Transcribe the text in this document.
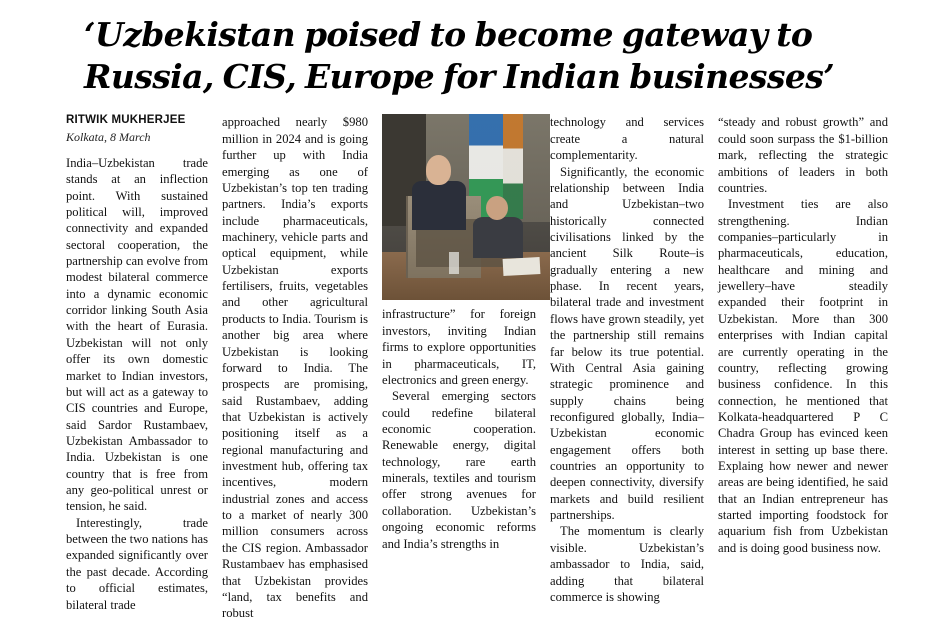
‘Uzbekistan poised to become gateway to Russia, CIS, Europe for Indian businesses’
RITWIK MUKHERJEE
Kolkata, 8 March

India–Uzbekistan trade stands at an inflection point. With sustained political will, improved connectivity and expanded sectoral cooperation, the partnership can evolve from modest bilateral commerce into a dynamic economic corridor linking South Asia with the heart of Eurasia. Uzbekistan will not only offer its own domestic market to Indian investors, but will act as a gateway to CIS countries and Europe, said Sardor Rustambaev, Uzbekistan Ambassador to India. Uzbekistan is one country that is free from any geo-political unrest or tension, he said.

Interestingly, trade between the two nations has expanded significantly over the past decade. According to official estimates, bilateral trade

approached nearly $980 million in 2024 and is going further up with India emerging as one of Uzbekistan’s top ten trading partners. India’s exports include pharmaceuticals, machinery, vehicle parts and optical equipment, while Uzbekistan exports fertilisers, fruits, vegetables and other agricultural products to India. Tourism is another big area where Uzbekistan is looking forward to India. The prospects are promising, said Rustambaev, adding that Uzbekistan is actively positioning itself as a regional manufacturing and investment hub, offering tax incentives, modern industrial zones and access to a market of nearly 300 million consumers across the CIS region. Ambassador Rustambaev has emphasised that Uzbekistan provides “land, tax benefits and robust

infrastructure” for foreign investors, inviting Indian firms to explore opportunities in pharmaceuticals, IT, electronics and green energy.

Several emerging sectors could redefine bilateral economic cooperation. Renewable energy, digital technology, rare earth minerals, textiles and tourism offer strong avenues for collaboration. Uzbekistan’s ongoing economic reforms and India’s strengths in

technology and services create a natural complementarity.

Significantly, the economic relationship between India and Uzbekistan–two historically connected civilisations linked by the ancient Silk Route–is gradually entering a new phase. In recent years, bilateral trade and investment flows have grown steadily, yet the partnership still remains far below its true potential. With Central Asia gaining strategic prominence and supply chains being reconfigured globally, India–Uzbekistan economic engagement offers both countries an opportunity to deepen connectivity, diversify markets and build resilient partnerships.

The momentum is clearly visible. Uzbekistan’s ambassador to India, said, adding that bilateral commerce is showing

“steady and robust growth” and could soon surpass the $1-billion mark, reflecting the strategic ambitions of leaders in both countries.

Investment ties are also strengthening. Indian companies–particularly in pharmaceuticals, education, healthcare and mining and jewellery–have steadily expanded their footprint in Uzbekistan. More than 300 enterprises with Indian capital are currently operating in the country, reflecting growing business confidence. In this connection, he mentioned that Kolkata-headquartered P C Chadra Group has evinced keen interest in setting up base there. Explaing how newer and newer areas are being identified, he said that an Indian entrepreneur has started importing foodstock for aquarium fish from Uzbekistan and is doing good business now.
